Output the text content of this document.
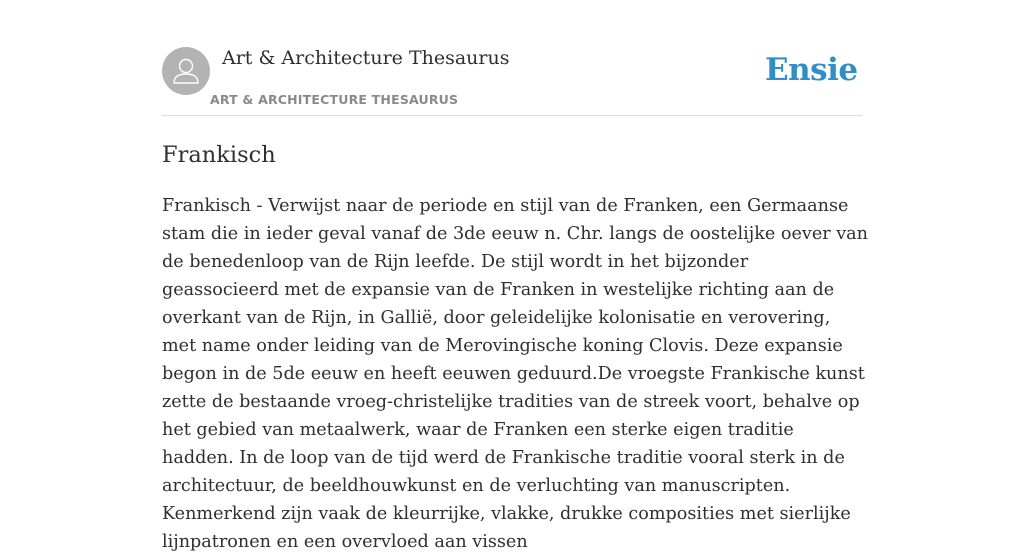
Art & Architecture Thesaurus
ART & ARCHITECTURE THESAURUS
Ensie
Frankisch

Frankisch - Verwijst naar de periode en stijl van de Franken, een Germaanse stam die in ieder geval vanaf de 3de eeuw n. Chr. langs de oostelijke oever van de benedenloop van de Rijn leefde. De stijl wordt in het bijzonder geassocieerd met de expansie van de Franken in westelijke richting aan de overkant van de Rijn, in Gallië, door geleidelijke kolonisatie en verovering, met name onder leiding van de Merovingische koning Clovis. Deze expansie begon in de 5de eeuw en heeft eeuwen geduurd.De vroegste Frankische kunst zette de bestaande vroeg-christelijke tradities van de streek voort, behalve op het gebied van metaalwerk, waar de Franken een sterke eigen traditie hadden. In de loop van de tijd werd de Frankische traditie vooral sterk in de architectuur, de beeldhouwkunst en de verluchting van manuscripten. Kenmerkend zijn vaak de kleurrijke, vlakke, drukke composities met sierlijke lijnpatronen en een overvloed aan vissen
